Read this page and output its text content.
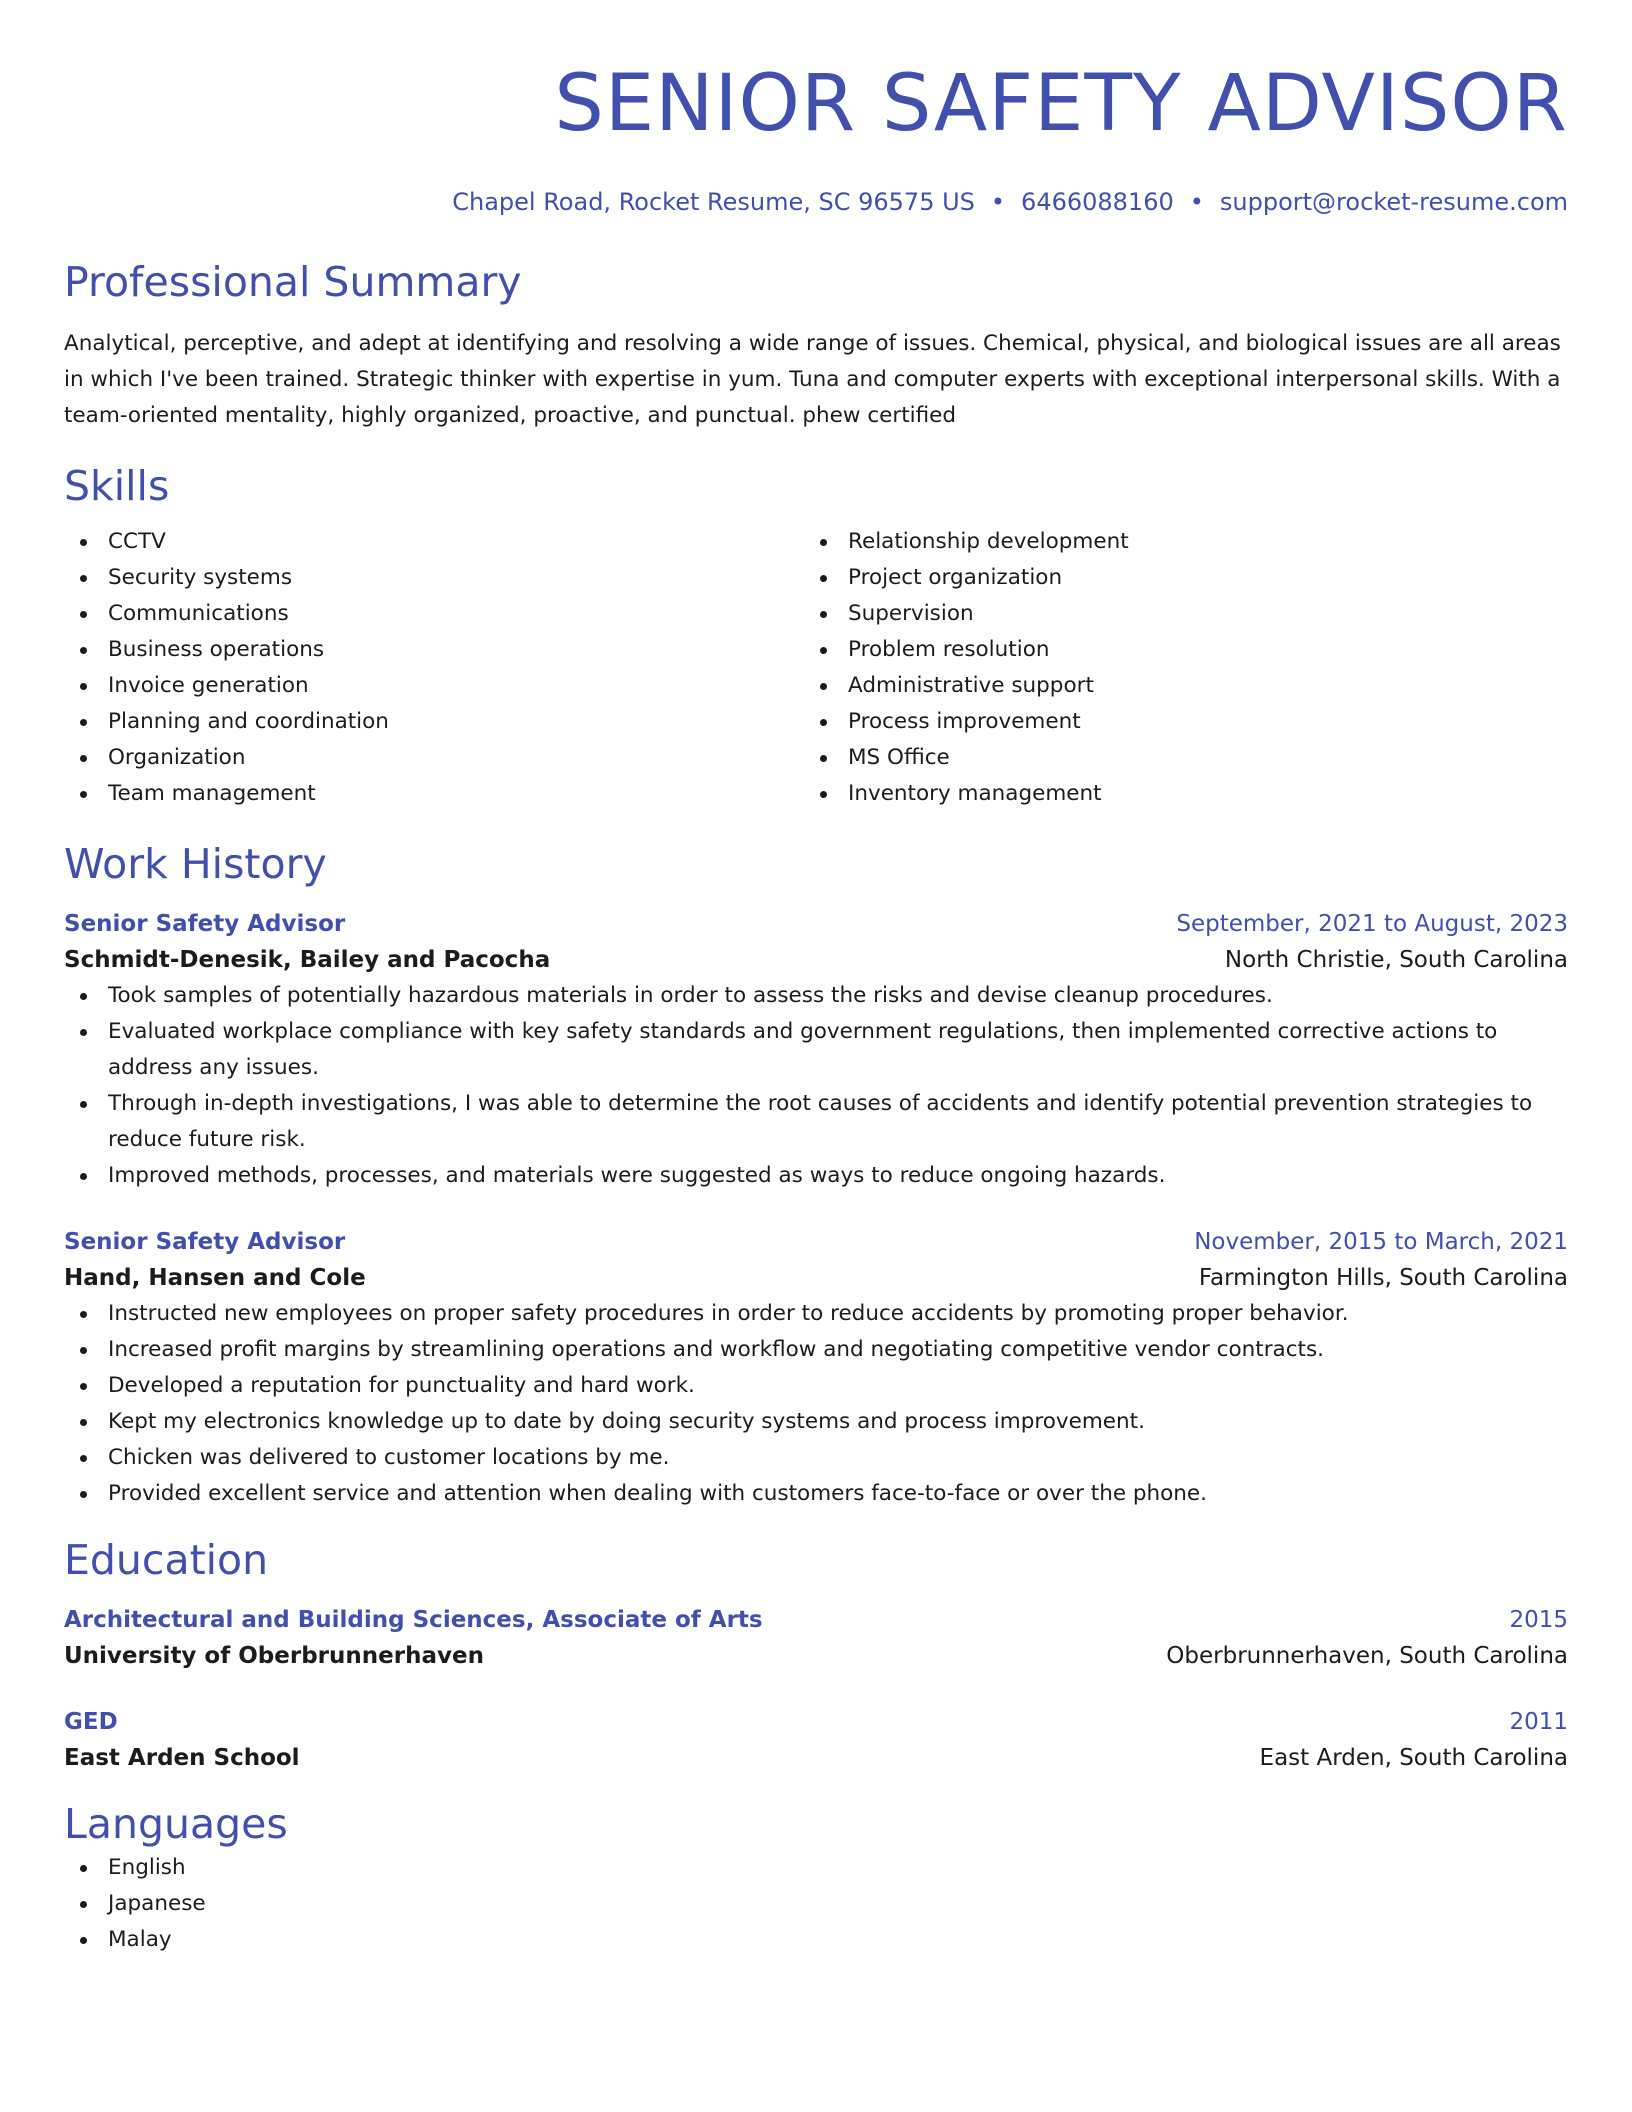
SENIOR SAFETY ADVISOR
Chapel Road, Rocket Resume, SC 96575 US • 6466088160 • support@rocket-resume.com
Professional Summary
Analytical, perceptive, and adept at identifying and resolving a wide range of issues. Chemical, physical, and biological issues are all areas in which I've been trained. Strategic thinker with expertise in yum. Tuna and computer experts with exceptional interpersonal skills. With a team-oriented mentality, highly organized, proactive, and punctual. phew certified
Skills
CCTV
Security systems
Communications
Business operations
Invoice generation
Planning and coordination
Organization
Team management
Relationship development
Project organization
Supervision
Problem resolution
Administrative support
Process improvement
MS Office
Inventory management
Work History
Senior Safety Advisor	September, 2021 to August, 2023
Schmidt-Denesik, Bailey and Pacocha	North Christie, South Carolina
Took samples of potentially hazardous materials in order to assess the risks and devise cleanup procedures.
Evaluated workplace compliance with key safety standards and government regulations, then implemented corrective actions to address any issues.
Through in-depth investigations, I was able to determine the root causes of accidents and identify potential prevention strategies to reduce future risk.
Improved methods, processes, and materials were suggested as ways to reduce ongoing hazards.
Senior Safety Advisor	November, 2015 to March, 2021
Hand, Hansen and Cole	Farmington Hills, South Carolina
Instructed new employees on proper safety procedures in order to reduce accidents by promoting proper behavior.
Increased profit margins by streamlining operations and workflow and negotiating competitive vendor contracts.
Developed a reputation for punctuality and hard work.
Kept my electronics knowledge up to date by doing security systems and process improvement.
Chicken was delivered to customer locations by me.
Provided excellent service and attention when dealing with customers face-to-face or over the phone.
Education
Architectural and Building Sciences, Associate of Arts	2015
University of Oberbrunnerhaven	Oberbrunnerhaven, South Carolina
GED	2011
East Arden School	East Arden, South Carolina
Languages
English
Japanese
Malay
